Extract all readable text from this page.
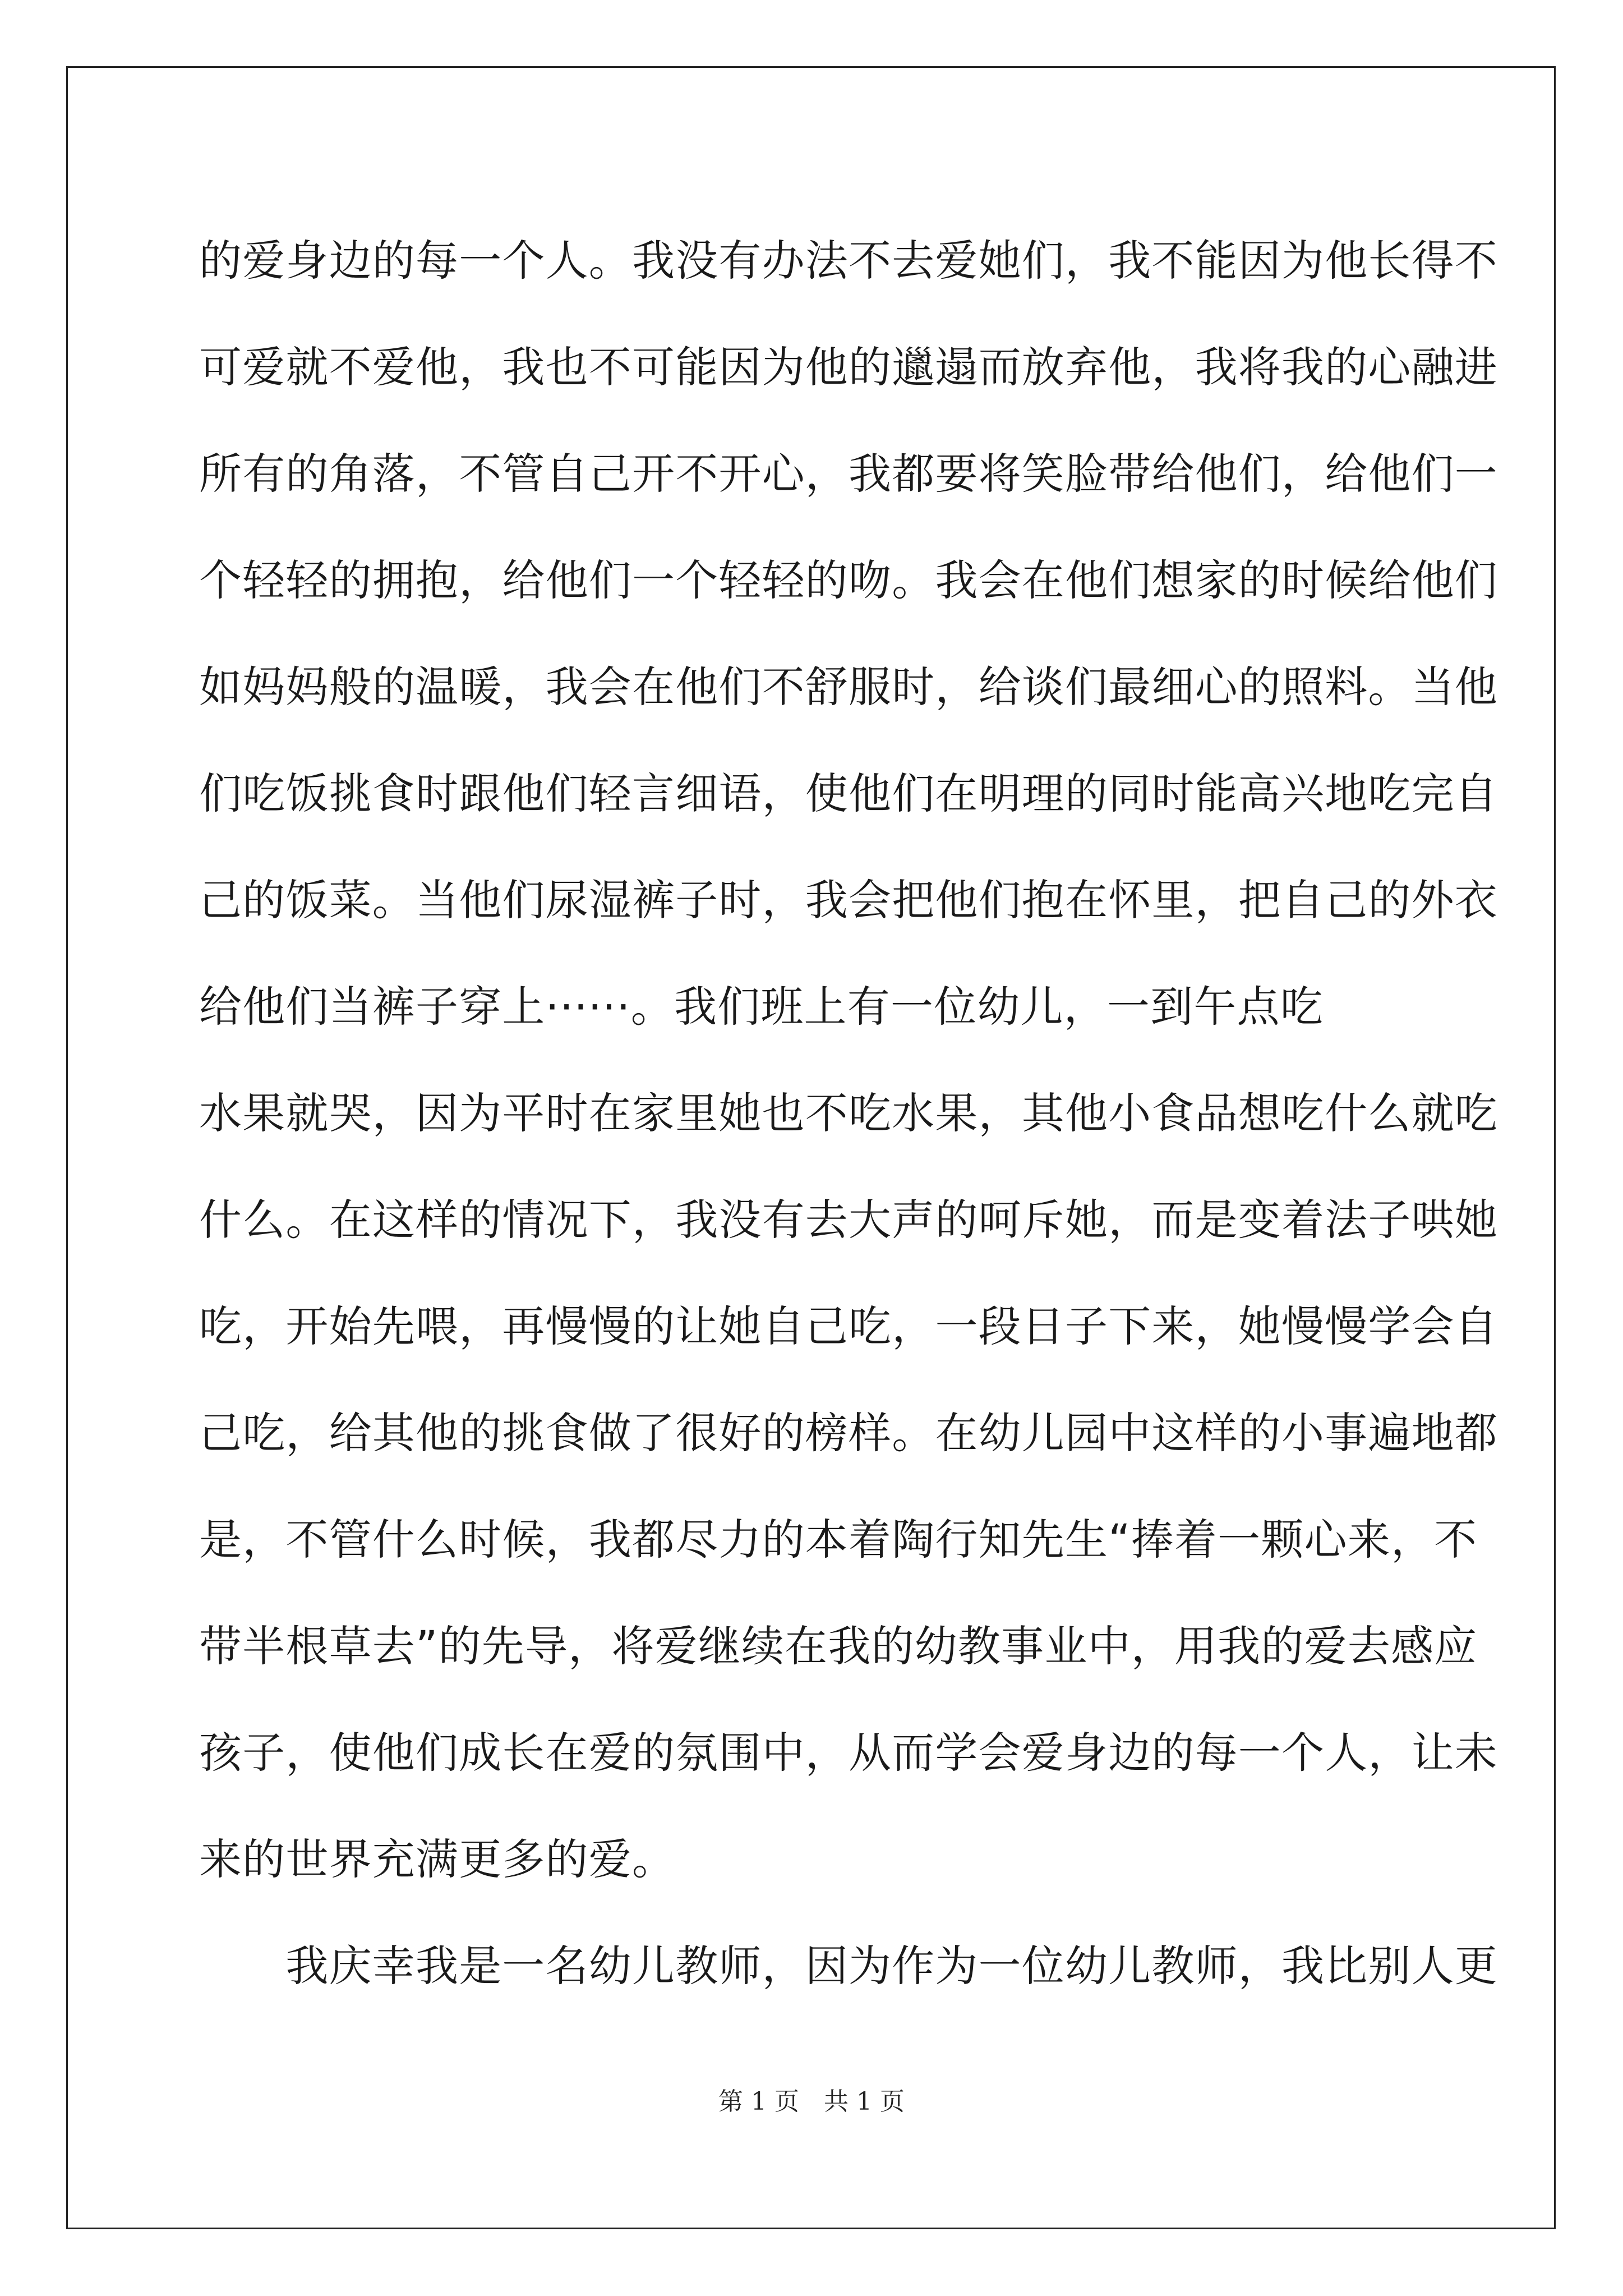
的爱身边的每一个人。我没有办法不去爱她们，我不能因为他长得不
可爱就不爱他，我也不可能因为他的邋遢而放弃他，我将我的心融进
所有的角落，不管自己开不开心，我都要将笑脸带给他们，给他们一
个轻轻的拥抱，给他们一个轻轻的吻。我会在他们想家的时候给他们
如妈妈般的温暖，我会在他们不舒服时，给谈们最细心的照料。当他
们吃饭挑食时跟他们轻言细语，使他们在明理的同时能高兴地吃完自
己的饭菜。当他们尿湿裤子时，我会把他们抱在怀里，把自己的外衣
给他们当裤子穿上······。我们班上有一位幼儿，一到午点吃
水果就哭，因为平时在家里她也不吃水果，其他小食品想吃什么就吃
什么。在这样的情况下，我没有去大声的呵斥她，而是变着法子哄她
吃，开始先喂，再慢慢的让她自己吃，一段日子下来，她慢慢学会自
己吃，给其他的挑食做了很好的榜样。在幼儿园中这样的小事遍地都
是，不管什么时候，我都尽力的本着陶行知先生“捧着一颗心来，不
带半根草去”的先导，将爱继续在我的幼教事业中，用我的爱去感应
孩子，使他们成长在爱的氛围中，从而学会爱身边的每一个人，让未
来的世界充满更多的爱。
　　我庆幸我是一名幼儿教师，因为作为一位幼儿教师，我比别人更
第 1 页　共 1 页
